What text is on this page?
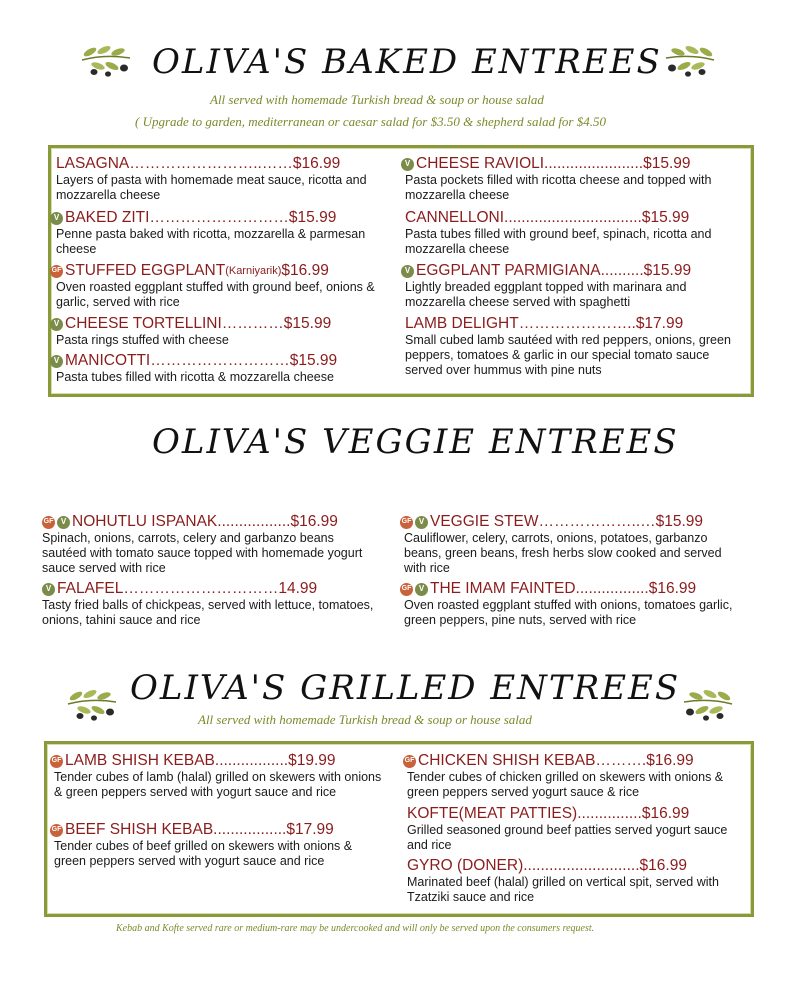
OLIVA'S BAKED ENTREES
All served with homemade Turkish bread & soup or house salad
( Upgrade to garden, mediterranean or caesar salad for $3.50 & shepherd salad for $4.50
LASAGNA……………………..…… $16.99
Layers of pasta with homemade meat sauce, ricotta and mozzarella cheese
V BAKED ZITI……………………… $15.99
Penne pasta baked with ricotta, mozzarella & parmesan cheese
GF STUFFED EGGPLANT (Karniyarik) $16.99
Oven roasted eggplant stuffed with ground beef, onions & garlic, served with rice
V CHEESE TORTELLINI………… $15.99
Pasta rings stuffed with cheese
V MANICOTTI……………………… $15.99
Pasta tubes filled with ricotta & mozzarella cheese
V CHEESE RAVIOLI....................... $15.99
Pasta pockets filled with ricotta cheese and topped with mozzarella cheese
CANNELLONI................................ $15.99
Pasta tubes filled with ground beef, spinach, ricotta and mozzarella cheese
V EGGPLANT PARMIGIANA.......... $15.99
Lightly breaded eggplant topped with marinara and mozzarella cheese served with spaghetti
LAMB DELIGHT………………….. $17.99
Small cubed lamb sautéed with red peppers, onions, green peppers, tomatoes & garlic in our special tomato sauce served over hummus with pine nuts
OLIVA'S VEGGIE ENTREES
GF V NOHUTLU ISPANAK................. $16.99
Spinach, onions, carrots, celery and garbanzo beans sautéed with tomato sauce topped with homemade yogurt sauce served with rice
V FALAFEL………………………… 14.99
Tasty fried balls of chickpeas, served with lettuce, tomatoes, onions, tahini sauce and rice
GF V VEGGIE STEW………………..… $15.99
Cauliflower, celery, carrots, onions, potatoes, garbanzo beans, green beans, fresh herbs slow cooked and served with rice
GF V THE IMAM FAINTED................. $16.99
Oven roasted eggplant stuffed with onions, tomatoes garlic, green peppers, pine nuts, served with rice
OLIVA'S GRILLED ENTREES
All served with homemade Turkish bread & soup or house salad
GF LAMB SHISH KEBAB................. $19.99
Tender cubes of lamb (halal) grilled on skewers with onions & green peppers served with yogurt sauce and rice
GF BEEF SHISH KEBAB................. $17.99
Tender cubes of beef grilled on skewers with onions & green peppers served with yogurt sauce and rice
GF CHICKEN SHISH KEBAB………. $16.99
Tender cubes of chicken grilled on skewers with onions & green peppers served yogurt sauce & rice
KOFTE(MEAT PATTIES)............... $16.99
Grilled seasoned ground beef patties served yogurt sauce and rice
GYRO (DONER)........................... $16.99
Marinated beef (halal) grilled on vertical spit, served with Tzatziki sauce and rice
Kebab and Kofte served rare or medium-rare may be undercooked and will only be served upon the consumers request.
